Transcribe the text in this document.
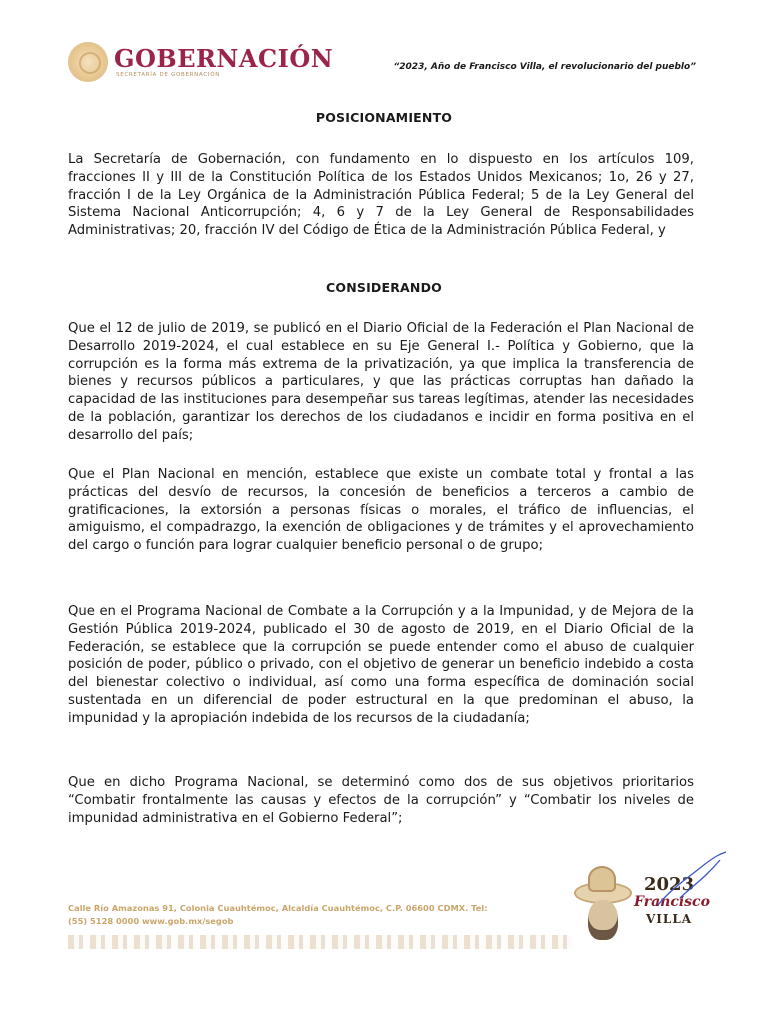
GOBERNACIÓN
SECRETARÍA DE GOBERNACIÓN
“2023, Año de Francisco Villa, el revolucionario del pueblo”
POSICIONAMIENTO

La Secretaría de Gobernación, con fundamento en lo dispuesto en los artículos 109, fracciones II y III de la Constitución Política de los Estados Unidos Mexicanos; 1o, 26 y 27, fracción I de la Ley Orgánica de la Administración Pública Federal; 5 de la Ley General del Sistema Nacional Anticorrupción; 4, 6 y 7 de la Ley General de Responsabilidades Administrativas; 20, fracción IV del Código de Ética de la Administración Pública Federal, y

CONSIDERANDO

Que el 12 de julio de 2019, se publicó en el Diario Oficial de la Federación el Plan Nacional de Desarrollo 2019-2024, el cual establece en su Eje General I.- Política y Gobierno, que la corrupción es la forma más extrema de la privatización, ya que implica la transferencia de bienes y recursos públicos a particulares, y que las prácticas corruptas han dañado la capacidad de las instituciones para desempeñar sus tareas legítimas, atender las necesidades de la población, garantizar los derechos de los ciudadanos e incidir en forma positiva en el desarrollo del país;

Que el Plan Nacional en mención, establece que existe un combate total y frontal a las prácticas del desvío de recursos, la concesión de beneficios a terceros a cambio de gratificaciones, la extorsión a personas físicas o morales, el tráfico de influencias, el amiguismo, el compadrazgo, la exención de obligaciones y de trámites y el aprovechamiento del cargo o función para lograr cualquier beneficio personal o de grupo;

Que en el Programa Nacional de Combate a la Corrupción y a la Impunidad, y de Mejora de la Gestión Pública 2019-2024, publicado el 30 de agosto de 2019, en el Diario Oficial de la Federación, se establece que la corrupción se puede entender como el abuso de cualquier posición de poder, público o privado, con el objetivo de generar un beneficio indebido a costa del bienestar colectivo o individual, así como una forma específica de dominación social sustentada en un diferencial de poder estructural en la que predominan el abuso, la impunidad y la apropiación indebida de los recursos de la ciudadanía;

Que en dicho Programa Nacional, se determinó como dos de sus objetivos prioritarios “Combatir frontalmente las causas y efectos de la corrupción” y “Combatir los niveles de impunidad administrativa en el Gobierno Federal”;

Calle Río Amazonas 91, Colonia Cuauhtémoc, Alcaldía Cuauhtémoc, C.P. 06600 CDMX. Tel:
(55) 5128 0000 www.gob.mx/segob
2023
Francisco
VILLA
